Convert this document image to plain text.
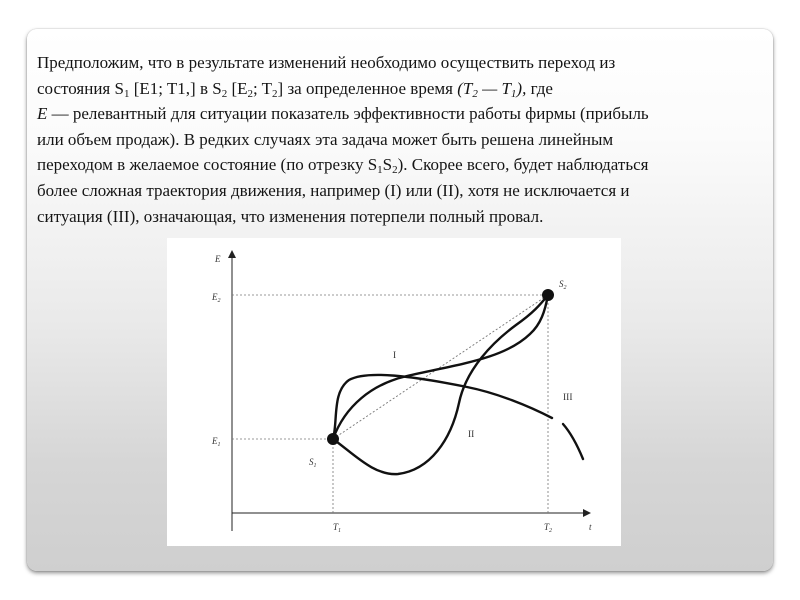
Предположим, что в результате изменений необходимо осуществить переход из
состояния $S_1$ [E1; T1,] в $S_2$ [$E_2$; $T_2$] за определенное время ($T_2$ — $T_1$), где
E — релевантный для ситуации показатель эффективности работы фирмы (прибыль
или объем продаж). В редких случаях эта задача может быть решена линейным
переходом в желаемое состояние (по отрезку $S_1S_2$). Скорее всего, будет наблюдаться
более сложная траектория движения, например (I) или (II), хотя не исключается и
ситуация (III), означающая, что изменения потерпели полный провал.
E
t
$E_2$
$E_1$
$T_1$	$T_2$
$S_1$
$S_2$
I
II
III
